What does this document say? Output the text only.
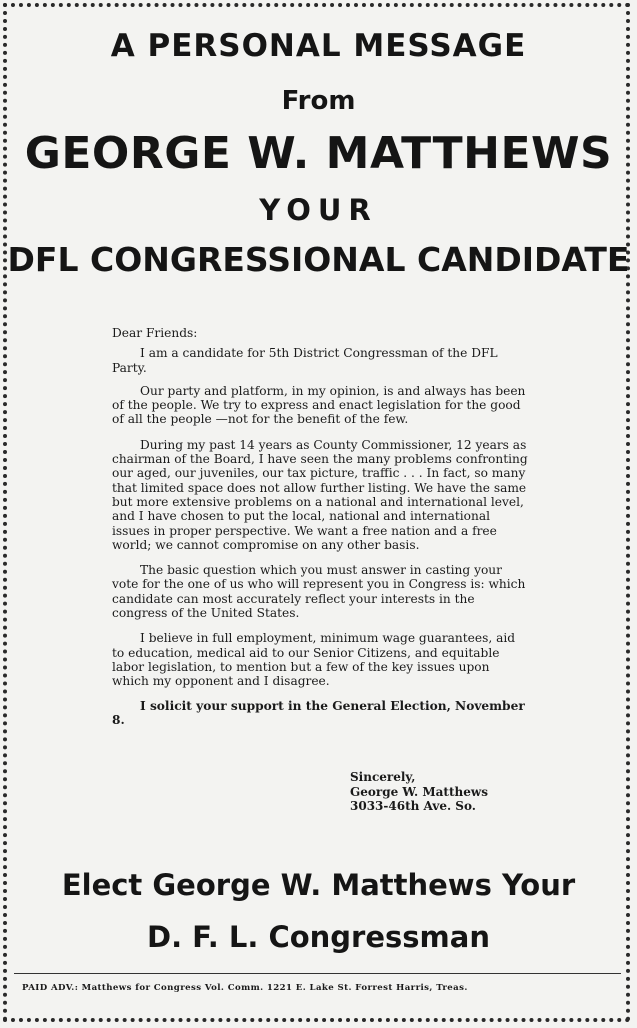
A PERSONAL MESSAGE
From
GEORGE W. MATTHEWS
YOUR
DFL CONGRESSIONAL CANDIDATE

Dear Friends:

I am a candidate for 5th District Congressman of the DFL Party.

Our party and platform, in my opinion, is and always has been of the people. We try to express and enact legislation for the good of all the people —not for the benefit of the few.

During my past 14 years as County Commissioner, 12 years as chairman of the Board, I have seen the many problems confronting our aged, our juveniles, our tax picture, traffic . . . In fact, so many that limited space does not allow further listing. We have the same but more extensive problems on a national and international level, and I have chosen to put the local, national and international issues in proper perspective. We want a free nation and a free world; we cannot compromise on any other basis.

The basic question which you must answer in casting your vote for the one of us who will represent you in Congress is: which candidate can most accurately reflect your interests in the congress of the United States.

I believe in full employment, minimum wage guarantees, aid to education, medical aid to our Senior Citizens, and equitable labor legislation, to mention but a few of the key issues upon which my opponent and I disagree.

I solicit your support in the General Election, November 8.

Sincerely,
George W. Matthews
3033-46th Ave. So.
Elect George W. Matthews Your
D. F. L. Congressman
PAID ADV.: Matthews for Congress Vol. Comm. 1221 E. Lake St. Forrest Harris, Treas.
